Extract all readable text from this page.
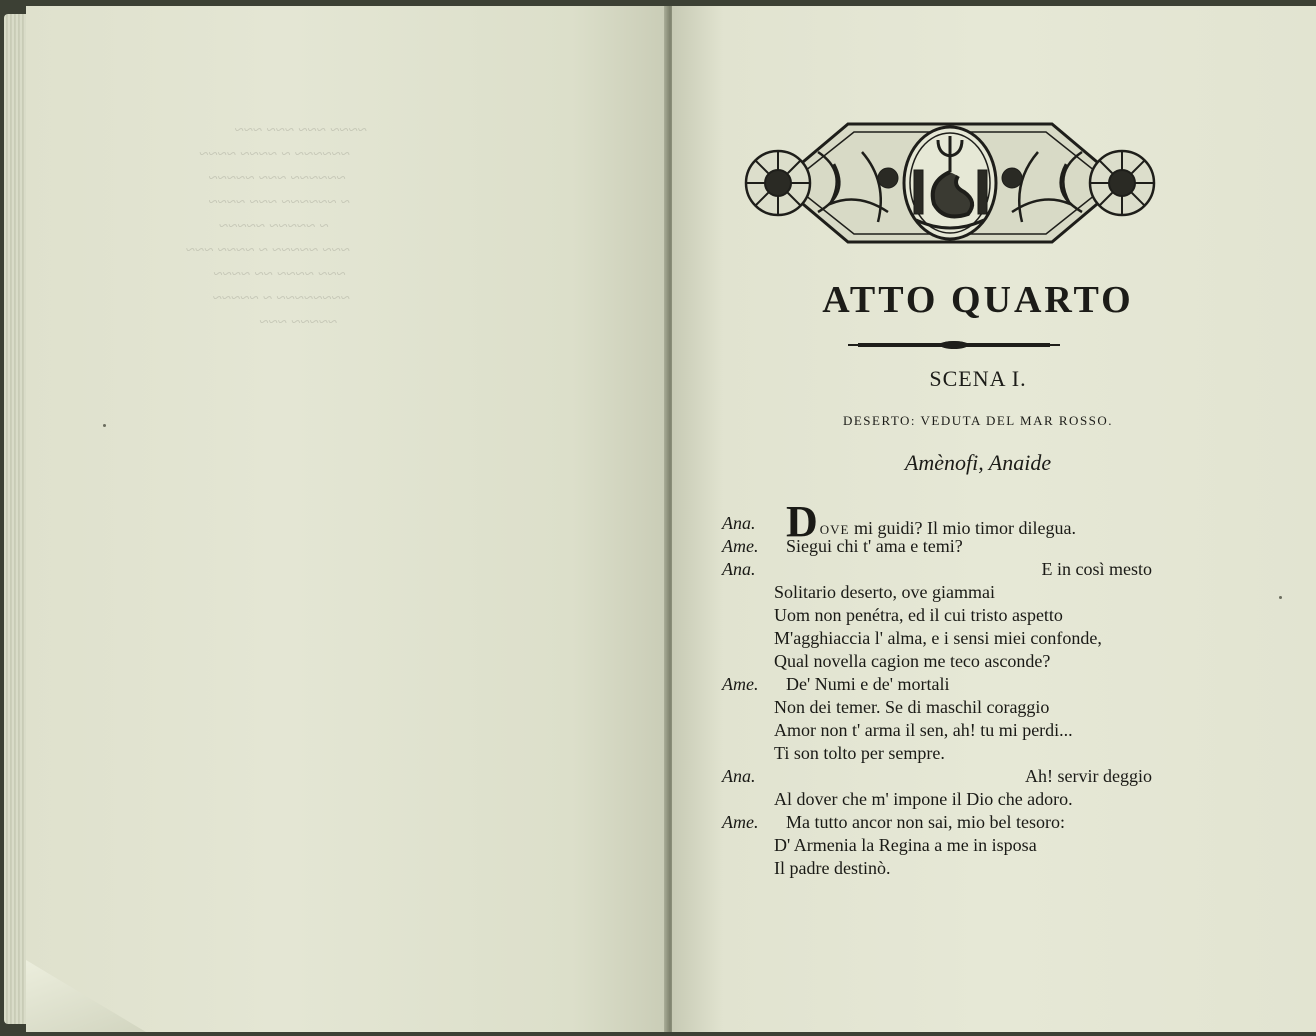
~~~~ ~~~ ~~~ ~~~
~~~~~~ ~ ~~~~ ~~~~
~~~~~~ ~~~ ~~~~~
~ ~~~~~~ ~~~ ~~~~
~ ~~~~~ ~~~~~
~~~ ~~~~~ ~ ~~~~ ~~~
~~~ ~~~~ ~~ ~~~~
~~~~~~~~ ~ ~~~~~
~~~~~ ~~~
ATTO QUARTO
SCENA I.
DESERTO: VEDUTA DEL MAR ROSSO.
Amènofi, Anaide
Ana. DOVE mi guidi? Il mio timor dilegua.
Ame. Siegui chi t' ama e temi?
Ana.	E in così mesto
Solitario deserto, ove giammai
Uom non penétra, ed il cui tristo aspetto
M'agghiaccia l' alma, e i sensi miei confonde,
Qual novella cagion me teco asconde?
Ame. De' Numi e de' mortali
Non dei temer. Se di maschil coraggio
Amor non t' arma il sen, ah! tu mi perdi...
Ti son tolto per sempre.
Ana.	Ah! servir deggio
Al dover che m' impone il Dio che adoro.
Ame. Ma tutto ancor non sai, mio bel tesoro:
D' Armenia la Regina a me in isposa
Il padre destinò.
